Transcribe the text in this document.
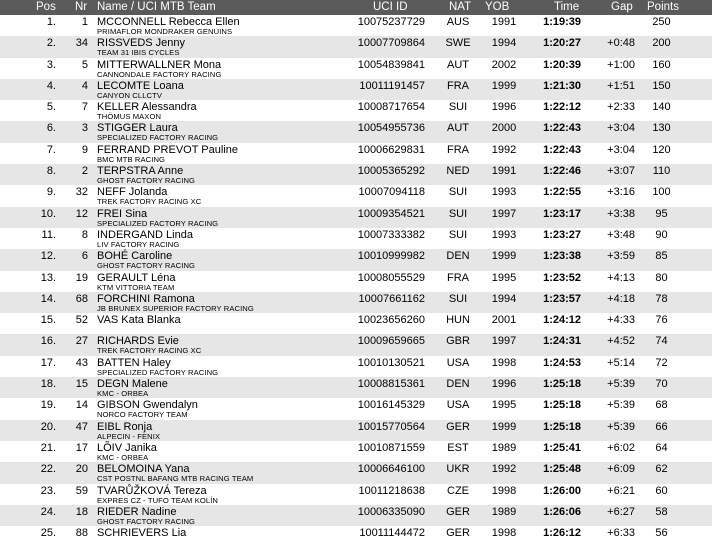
Pos Nr Name / UCI MTB Team	UCI ID	NAT YOB	Time	Gap Points
1.	1 MCCONNELL Rebecca Ellen
PRIMAFLOR MONDRAKER GENUINS
10075237729	AUS	1991	1:19:39	250
2.	34 RISSVEDS Jenny
TEAM 31 IBIS CYCLES
10007709864	SWE	1994	1:20:27	+0:48	200
3.	5 MITTERWALLNER Mona
CANNONDALE FACTORY RACING
10054839841	AUT	2002	1:20:39	+1:00	160
4.	4 LECOMTE Loana
CANYON CLLCTV
10011191457	FRA	1999	1:21:30	+1:51	150
5.	7 KELLER Alessandra
THÖMUS MAXON
10008717654	SUI	1996	1:22:12	+2:33	140
6.	3 STIGGER Laura
SPECIALIZED FACTORY RACING
10054955736	AUT	2000	1:22:43	+3:04	130
7.	9 FERRAND PREVOT Pauline
BMC MTB RACING
10006629831	FRA	1992	1:22:43	+3:04	120
8.	2 TERPSTRA Anne
GHOST FACTORY RACING
10005365292	NED	1991	1:22:46	+3:07	110
9.	32 NEFF Jolanda
TREK FACTORY RACING XC
10007094118	SUI	1993	1:22:55	+3:16	100
10.	12 FREI Sina
SPECIALIZED FACTORY RACING
10009354521	SUI	1997	1:23:17	+3:38	95
11.	8 INDERGAND Linda
LIV FACTORY RACING
10007333382	SUI	1993	1:23:27	+3:48	90
12.	6 BOHÉ Caroline
GHOST FACTORY RACING
10010999982	DEN	1999	1:23:38	+3:59	85
13.	19 GERAULT Léna
KTM VITTORIA TEAM
10008055529	FRA	1995	1:23:52	+4:13	80
14.	68 FORCHINI Ramona
JB BRUNEX SUPERIOR FACTORY RACING
10007661162	SUI	1994	1:23:57	+4:18	78
15.	52 VAS Kata Blanka	10023656260	HUN	2001	1:24:12	+4:33	76
16.	27 RICHARDS Evie
TREK FACTORY RACING XC
10009659665	GBR	1997	1:24:31	+4:52	74
17.	43 BATTEN Haley
SPECIALIZED FACTORY RACING
10010130521	USA	1998	1:24:53	+5:14	72
18.	15 DEGN Malene
KMC - ORBEA
10008815361	DEN	1996	1:25:18	+5:39	70
19.	14 GIBSON Gwendalyn
NORCO FACTORY TEAM
10016145329	USA	1995	1:25:18	+5:39	68
20.	47 EIBL Ronja
ALPECIN - FENIX
10015770564	GER	1999	1:25:18	+5:39	66
21.	17 LÕIV Janika
KMC - ORBEA
10010871559	EST	1989	1:25:41	+6:02	64
22.	20 BELOMOINA Yana
CST POSTNL BAFANG MTB RACING TEAM
10006646100	UKR	1992	1:25:48	+6:09	62
23.	59 TVARŮŽKOVÁ Tereza
EXPRES CZ - TUFO TEAM KOLÍN
10011218638	CZE	1998	1:26:00	+6:21	60
24.	18 RIEDER Nadine
GHOST FACTORY RACING
10006335090	GER	1989	1:26:06	+6:27	58
25.	88 SCHRIEVERS Lia	10011144472	GER	1998	1:26:12	+6:33	56
